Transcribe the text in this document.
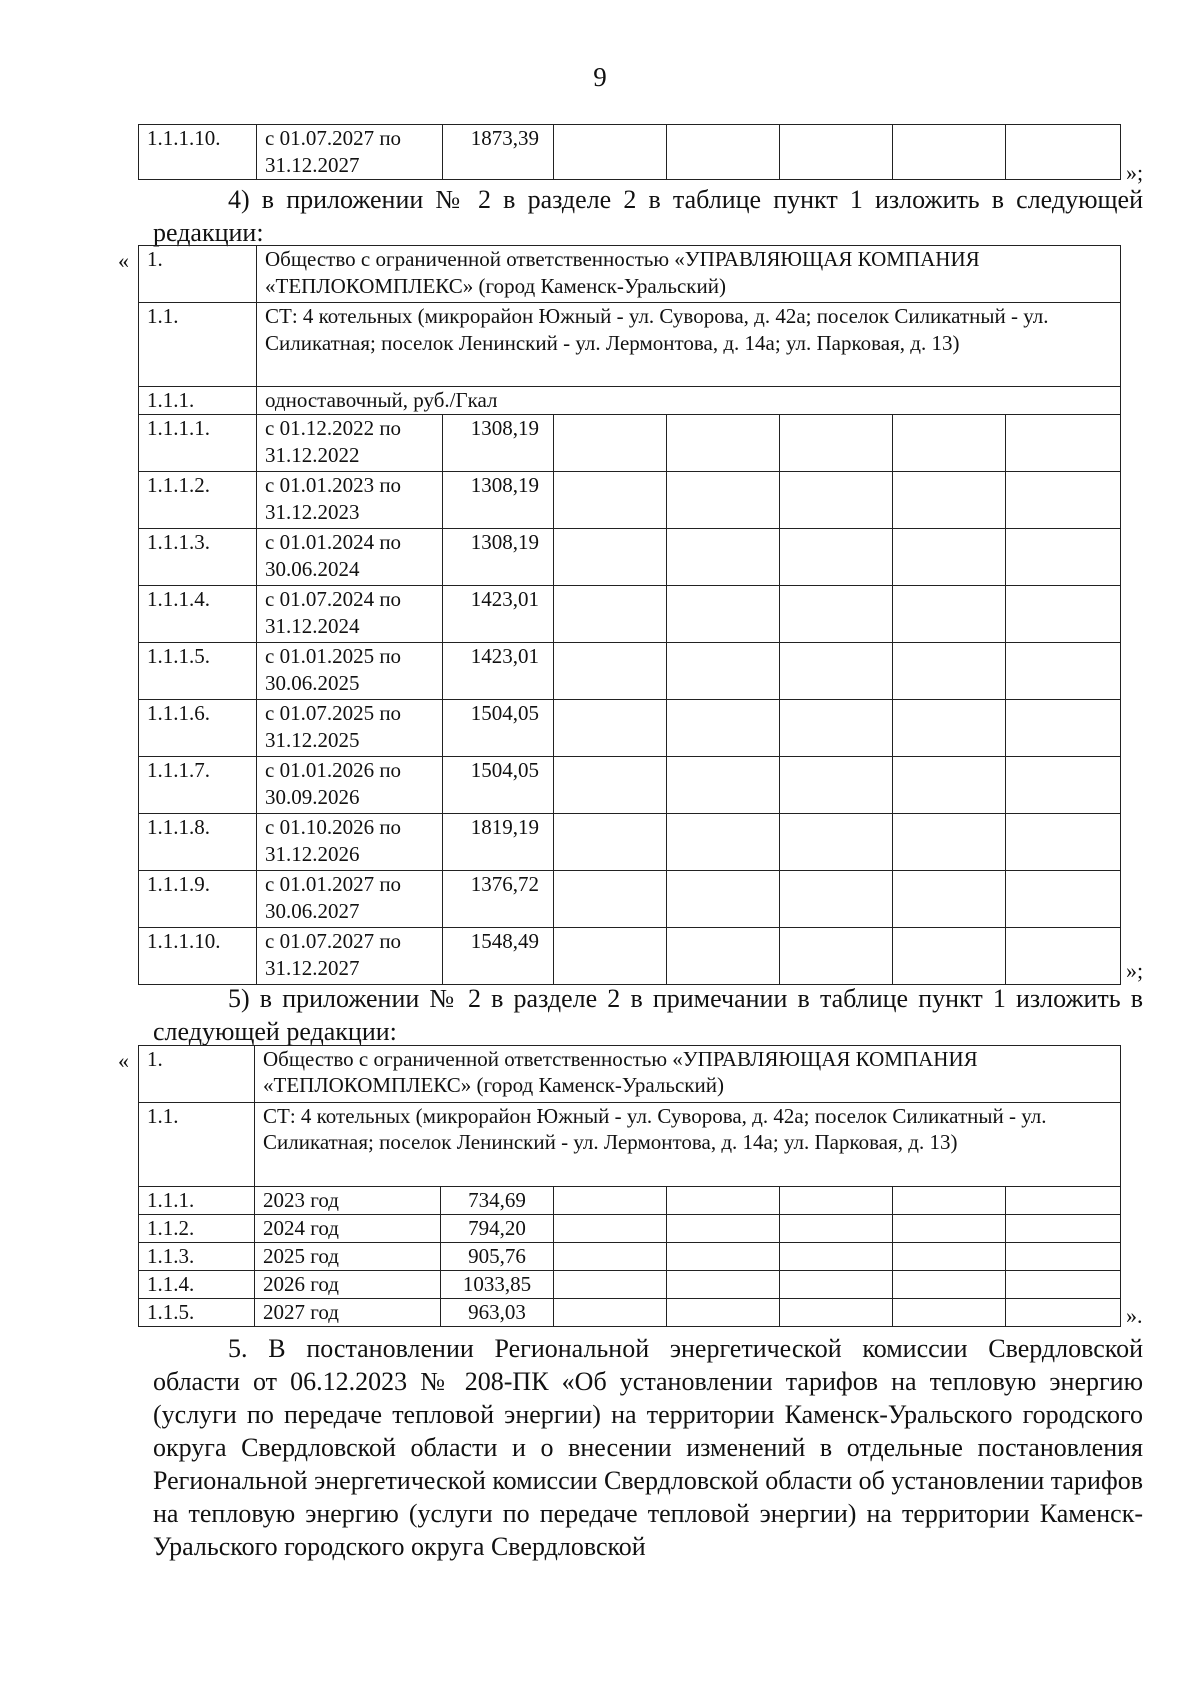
9
1.1.1.10.	с 01.07.2027 по 31.12.2027	1873,39					
»;

4) в приложении № 2 в разделе 2 в таблице пункт 1 изложить в следующей редакции:

« 1.	Общество с ограниченной ответственностью «УПРАВЛЯЮЩАЯ КОМПАНИЯ «ТЕПЛОКОМПЛЕКС» (город Каменск-Уральский)						
1.1.	СТ: 4 котельных (микрорайон Южный - ул. Суворова, д. 42а; поселок Силикатный - ул. Силикатная; поселок Ленинский - ул. Лермонтова, д. 14а; ул. Парковая, д. 13)						
1.1.1.	одноставочный, руб./Гкал						
1.1.1.1.	с 01.12.2022 по 31.12.2022	1308,19					
1.1.1.2.	с 01.01.2023 по 31.12.2023	1308,19					
1.1.1.3.	с 01.01.2024 по 30.06.2024	1308,19					
1.1.1.4.	с 01.07.2024 по 31.12.2024	1423,01					
1.1.1.5.	с 01.01.2025 по 30.06.2025	1423,01					
1.1.1.6.	с 01.07.2025 по 31.12.2025	1504,05					
1.1.1.7.	с 01.01.2026 по 30.09.2026	1504,05					
1.1.1.8.	с 01.10.2026 по 31.12.2026	1819,19					
1.1.1.9.	с 01.01.2027 по 30.06.2027	1376,72					
1.1.1.10.	с 01.07.2027 по 31.12.2027	1548,49					
»;

5) в приложении № 2 в разделе 2 в примечании в таблице пункт 1 изложить в следующей редакции:

« 1.	Общество с ограниченной ответственностью «УПРАВЛЯЮЩАЯ КОМПАНИЯ «ТЕПЛОКОМПЛЕКС» (город Каменск-Уральский)						
1.1.	СТ: 4 котельных (микрорайон Южный - ул. Суворова, д. 42а; поселок Силикатный - ул. Силикатная; поселок Ленинский - ул. Лермонтова, д. 14а; ул. Парковая, д. 13)						
1.1.1.	2023 год	734,69					
1.1.2.	2024 год	794,20					
1.1.3.	2025 год	905,76					
1.1.4.	2026 год	1033,85					
1.1.5.	2027 год	963,03						».

5. В постановлении Региональной энергетической комиссии Свердловской области от 06.12.2023 № 208-ПК «Об установлении тарифов на тепловую энергию (услуги по передаче тепловой энергии) на территории Каменск-Уральского городского округа Свердловской области и о внесении изменений в отдельные постановления Региональной энергетической комиссии Свердловской области об установлении тарифов на тепловую энергию (услуги по передаче тепловой энергии) на территории Каменск-Уральского городского округа Свердловской
